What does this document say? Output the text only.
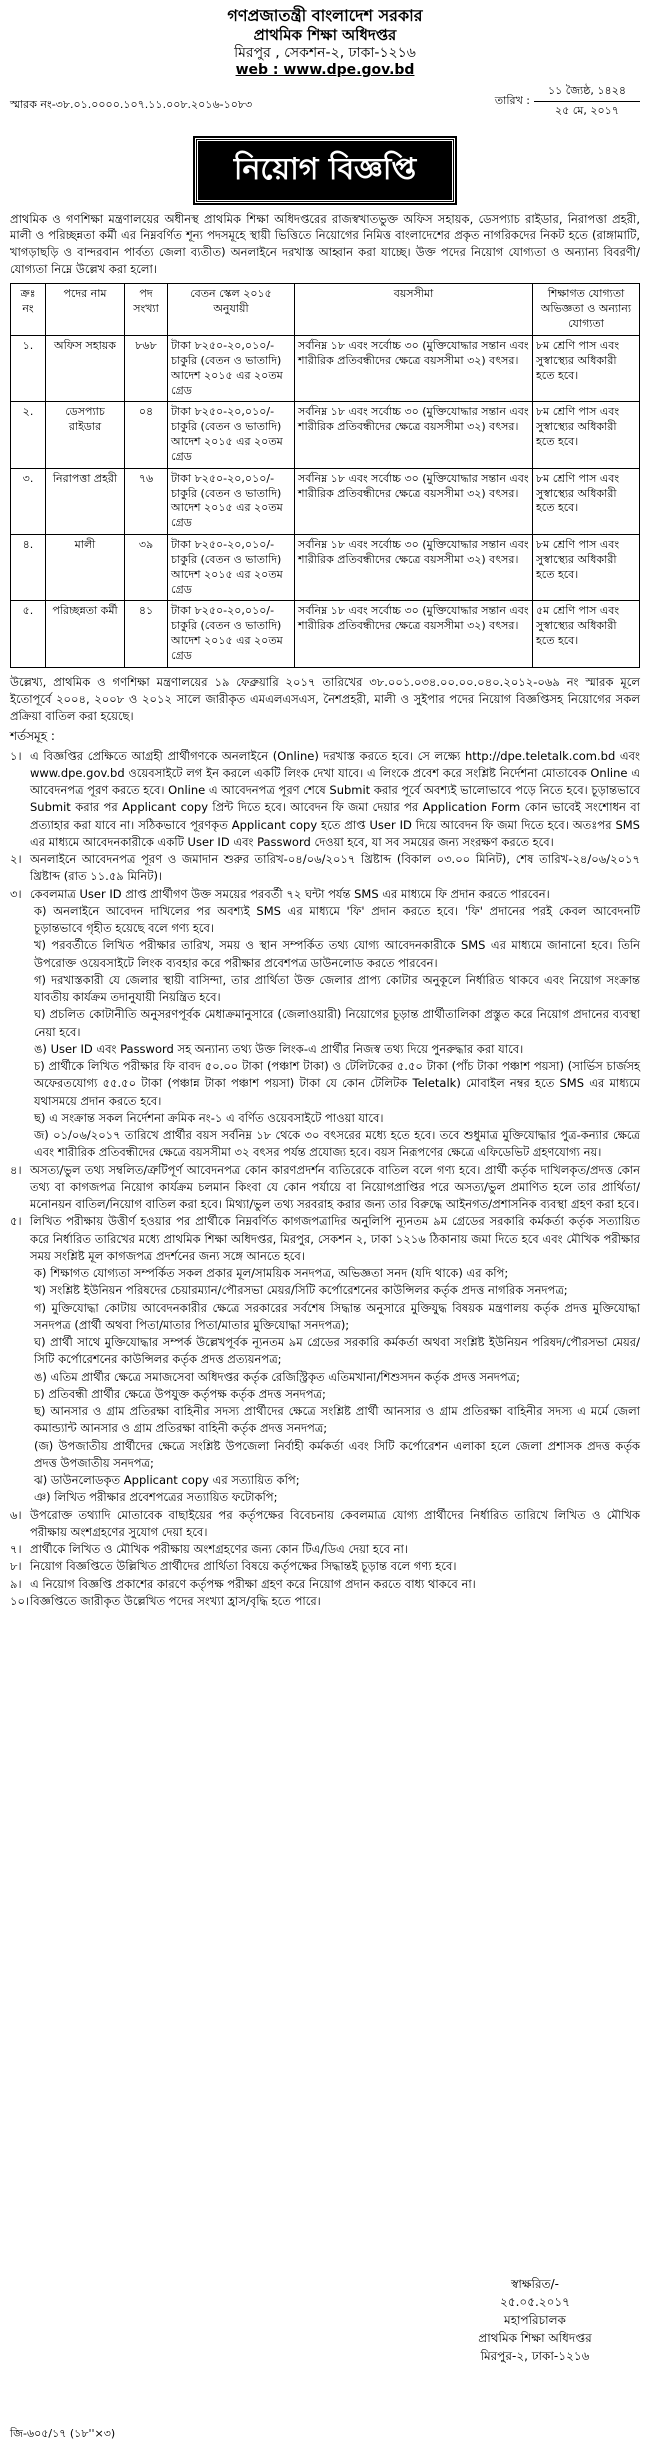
গণপ্রজাতন্ত্রী বাংলাদেশ সরকার
প্রাথমিক শিক্ষা অধিদপ্তর
মিরপুর , সেকশন-২, ঢাকা-১২১৬
web : www.dpe.gov.bd
স্মারক নং-৩৮.০১.০০০০.১০৭.১১.০০৮.২০১৬-১০৮৩	তারিখ :
১১ জ্যৈষ্ঠ, ১৪২৪
২৫ মে, ২০১৭
নিয়োগ বিজ্ঞপ্তি
প্রাথমিক ও গণশিক্ষা মন্ত্রণালয়ের অধীনস্থ প্রাথমিক শিক্ষা অধিদপ্তরের রাজস্বখাতভুক্ত অফিস সহায়ক, ডেসপ্যাচ রাইডার, নিরাপত্তা প্রহরী, মালী ও পরিচ্ছন্নতা কর্মী এর নিম্নবর্ণিত শূন্য পদসমূহে স্থায়ী ভিত্তিতে নিয়োগের নিমিত্ত বাংলাদেশের প্রকৃত নাগরিকদের নিকট হতে (রাঙ্গামাটি, খাগড়াছড়ি ও বান্দরবান পার্বত্য জেলা ব্যতীত) অনলাইনে দরখাস্ত আহ্বান করা যাচ্ছে। উক্ত পদের নিয়োগ যোগ্যতা ও অন্যান্য বিবরণী/যোগ্যতা নিম্নে উল্লেখ করা হলো।
ক্রঃ নং	পদের নাম	পদ সংখ্যা	বেতন স্কেল ২০১৫ অনুযায়ী	বয়সসীমা	শিক্ষাগত যোগ্যতা অভিজ্ঞতা ও অন্যান্য যোগ্যতা
১.	অফিস সহায়ক	৮৬৮	টাকা ৮২৫০-২০,০১০/- চাকুরি (বেতন ও ভাতাদি) আদেশ ২০১৫ এর ২০তম গ্রেড	সর্বনিম্ন ১৮ এবং সর্বোচ্চ ৩০ (মুক্তিযোদ্ধার সন্তান এবং শারীরিক প্রতিবন্ধীদের ক্ষেত্রে বয়সসীমা ৩২) বৎসর।	৮ম শ্রেণি পাস এবং সুস্বাস্থ্যের অধিকারী হতে হবে।
২.	ডেসপ্যাচ রাইডার	০৪	টাকা ৮২৫০-২০,০১০/- চাকুরি (বেতন ও ভাতাদি) আদেশ ২০১৫ এর ২০তম গ্রেড	সর্বনিম্ন ১৮ এবং সর্বোচ্চ ৩০ (মুক্তিযোদ্ধার সন্তান এবং শারীরিক প্রতিবন্ধীদের ক্ষেত্রে বয়সসীমা ৩২) বৎসর।	৮ম শ্রেণি পাস এবং সুস্বাস্থ্যের অধিকারী হতে হবে।
৩.	নিরাপত্তা প্রহরী	৭৬	টাকা ৮২৫০-২০,০১০/- চাকুরি (বেতন ও ভাতাদি) আদেশ ২০১৫ এর ২০তম গ্রেড	সর্বনিম্ন ১৮ এবং সর্বোচ্চ ৩০ (মুক্তিযোদ্ধার সন্তান এবং শারীরিক প্রতিবন্ধীদের ক্ষেত্রে বয়সসীমা ৩২) বৎসর।	৮ম শ্রেণি পাস এবং সুস্বাস্থ্যের অধিকারী হতে হবে।
৪.	মালী	৩৯	টাকা ৮২৫০-২০,০১০/- চাকুরি (বেতন ও ভাতাদি) আদেশ ২০১৫ এর ২০তম গ্রেড	সর্বনিম্ন ১৮ এবং সর্বোচ্চ ৩০ (মুক্তিযোদ্ধার সন্তান এবং শারীরিক প্রতিবন্ধীদের ক্ষেত্রে বয়সসীমা ৩২) বৎসর।	৮ম শ্রেণি পাস এবং সুস্বাস্থ্যের অধিকারী হতে হবে।
৫.	পরিচ্ছন্নতা কর্মী	৪১	টাকা ৮২৫০-২০,০১০/- চাকুরি (বেতন ও ভাতাদি) আদেশ ২০১৫ এর ২০তম গ্রেড	সর্বনিম্ন ১৮ এবং সর্বোচ্চ ৩০ (মুক্তিযোদ্ধার সন্তান এবং শারীরিক প্রতিবন্ধীদের ক্ষেত্রে বয়সসীমা ৩২) বৎসর।	৫ম শ্রেণি পাস এবং সুস্বাস্থ্যের অধিকারী হতে হবে।
উল্লেখ্য, প্রাথমিক ও গণশিক্ষা মন্ত্রণালয়ের ১৯ ফেব্রুয়ারি ২০১৭ তারিখের ৩৮.০০১.০৩৪.০০.০০.০৪০.২০১২-০৬৯ নং স্মারক মূলে ইতোপূর্বে ২০০৪, ২০০৮ ও ২০১২ সালে জারীকৃত এমএলএসএস, নৈশপ্রহরী, মালী ও সুইপার পদের নিয়োগ বিজ্ঞপ্তিসহ নিয়োগের সকল প্রক্রিয়া বাতিল করা হয়েছে।
শর্তসমূহ :
১। এ বিজ্ঞপ্তির প্রেক্ষিতে আগ্রহী প্রার্থীগণকে অনলাইনে (Online) দরখাস্ত করতে হবে। সে লক্ষ্যে http://dpe.teletalk.com.bd এবং www.dpe.gov.bd ওয়েবসাইটে লগ ইন করলে একটি লিংক দেখা যাবে। এ লিংকে প্রবেশ করে সংশ্লিষ্ট নির্দেশনা মোতাবেক Online এ আবেদনপত্র পূরণ করতে হবে। Online এ আবেদনপত্র পূরণ শেষে Submit করার পূর্বে অবশ্যই ভালোভাবে পড়ে নিতে হবে। চূড়ান্তভাবে Submit করার পর Applicant copy প্রিন্ট দিতে হবে। আবেদন ফি জমা দেয়ার পর Application Form কোন ভাবেই সংশোধন বা প্রত্যাহার করা যাবে না। সঠিকভাবে পূরণকৃত Applicant copy হতে প্রাপ্ত User ID দিয়ে আবেদন ফি জমা দিতে হবে। অতঃপর SMS এর মাধ্যমে আবেদনকারীকে একটি User ID এবং Password দেওয়া হবে, যা সব সময়ের জন্য সংরক্ষণ করতে হবে।
২। অনলাইনে আবেদনপত্র পূরণ ও জমাদান শুরুর তারিখ-০৪/০৬/২০১৭ খ্রিষ্টাব্দ (বিকাল ০৩.০০ মিনিট), শেষ তারিখ-২৪/০৬/২০১৭ খ্রিষ্টাব্দ (রাত ১১.৫৯ মিনিট)।
৩। কেবলমাত্র User ID প্রাপ্ত প্রার্থীগণ উক্ত সময়ের পরবর্তী ৭২ ঘন্টা পর্যন্ত SMS এর মাধ্যমে ফি প্রদান করতে পারবেন।
ক) অনলাইনে আবেদন দাখিলের পর অবশ্যই SMS এর মাধ্যমে 'ফি' প্রদান করতে হবে। 'ফি' প্রদানের পরই কেবল আবেদনটি চূড়ান্তভাবে গৃহীত হয়েছে বলে গণ্য হবে।
খ) পরবর্তীতে লিখিত পরীক্ষার তারিখ, সময় ও স্থান সম্পর্কিত তথ্য যোগ্য আবেদনকারীকে SMS এর মাধ্যমে জানানো হবে। তিনি উপরোক্ত ওয়েবসাইটে লিংক ব্যবহার করে পরীক্ষার প্রবেশপত্র ডাউনলোড করতে পারবেন।
গ) দরখাস্তকারী যে জেলার স্থায়ী বাসিন্দা, তার প্রার্থিতা উক্ত জেলার প্রাপ্য কোটার অনুকূলে নির্ধারিত থাকবে এবং নিয়োগ সংক্রান্ত যাবতীয় কার্যক্রম তদানুযায়ী নিয়ন্ত্রিত হবে।
ঘ) প্রচলিত কোটানীতি অনুসরণপূর্বক মেধাক্রমানুসারে (জেলাওয়ারী) নিয়োগের চূড়ান্ত প্রার্থীতালিকা প্রস্তুত করে নিয়োগ প্রদানের ব্যবস্থা নেয়া হবে।
ঙ) User ID এবং Password সহ অন্যান্য তথ্য উক্ত লিংক-এ প্রার্থীর নিজস্ব তথ্য দিয়ে পুনরুদ্ধার করা যাবে।
চ) প্রার্থীকে লিখিত পরীক্ষার ফি বাবদ ৫০.০০ টাকা (পঞ্চাশ টাকা) ও টেলিটকের ৫.৫০ টাকা (পাঁচ টাকা পঞ্চাশ পয়সা) (সার্ভিস চার্জসহ অফেরতযোগ্য ৫৫.৫০ টাকা (পঞ্চান্ন টাকা পঞ্চাশ পয়সা) টাকা যে কোন টেলিটক Teletalk) মোবাইল নম্বর হতে SMS এর মাধ্যমে যথাসময়ে প্রদান করতে হবে।
ছ) এ সংক্রান্ত সকল নির্দেশনা ক্রমিক নং-১ এ বর্ণিত ওয়েবসাইটে পাওয়া যাবে।
জ) ০১/০৬/২০১৭ তারিখে প্রার্থীর বয়স সর্বনিম্ন ১৮ থেকে ৩০ বৎসরের মধ্যে হতে হবে। তবে শুধুমাত্র মুক্তিযোদ্ধার পুত্র-কন্যার ক্ষেত্রে এবং শারীরিক প্রতিবন্ধীদের ক্ষেত্রে বয়সসীমা ৩২ বৎসর পর্যন্ত প্রযোজ্য হবে। বয়স নিরূপণের ক্ষেত্রে এফিডেভিট গ্রহণযোগ্য নয়।
৪। অসত্য/ভুল তথ্য সম্বলিত/ত্রুটিপূর্ণ আবেদনপত্র কোন কারণপ্রদর্শন ব্যতিরেকে বাতিল বলে গণ্য হবে। প্রার্থী কর্তৃক দাখিলকৃত/প্রদত্ত কোন তথ্য বা কাগজপত্র নিয়োগ কার্যক্রম চলমান কিংবা যে কোন পর্যায়ে বা নিয়োগপ্রাপ্তির পরে অসত্য/ভুল প্রমাণিত হলে তার প্রার্থিতা/মনোনয়ন বাতিল/নিয়োগ বাতিল করা হবে। মিথ্যা/ভুল তথ্য সরবরাহ করার জন্য তার বিরুদ্ধে আইনগত/প্রশাসনিক ব্যবস্থা গ্রহণ করা হবে।
৫। লিখিত পরীক্ষায় উত্তীর্ণ হওয়ার পর প্রার্থীকে নিম্নবর্ণিত কাগজপত্রাদির অনুলিপি ন্যূনতম ৯ম গ্রেডের সরকারি কর্মকর্তা কর্তৃক সত্যায়িত করে নির্ধারিত তারিখের মধ্যে প্রাথমিক শিক্ষা অধিদপ্তর, মিরপুর, সেকশন ২, ঢাকা ১২১৬ ঠিকানায় জমা দিতে হবে এবং মৌখিক পরীক্ষার সময় সংশ্লিষ্ট মূল কাগজপত্র প্রদর্শনের জন্য সঙ্গে আনতে হবে।
ক) শিক্ষাগত যোগ্যতা সম্পর্কিত সকল প্রকার মূল/সাময়িক সনদপত্র, অভিজ্ঞতা সনদ (যদি থাকে) এর কপি;
খ) সংশ্লিষ্ট ইউনিয়ন পরিষদের চেয়ারম্যান/পৌরসভা মেয়র/সিটি কর্পোরেশনের কাউন্সিলর কর্তৃক প্রদত্ত নাগরিক সনদপত্র;
গ) মুক্তিযোদ্ধা কোটায় আবেদনকারীর ক্ষেত্রে সরকারের সর্বশেষ সিদ্ধান্ত অনুসারে মুক্তিযুদ্ধ বিষয়ক মন্ত্রণালয় কর্তৃক প্রদত্ত মুক্তিযোদ্ধা সনদপত্র (প্রার্থী অথবা পিতা/মাতার পিতা/মাতার মুক্তিযোদ্ধা সনদপত্র);
ঘ) প্রার্থী সাথে মুক্তিযোদ্ধার সম্পর্ক উল্লেখপূর্বক ন্যূনতম ৯ম গ্রেডের সরকারি কর্মকর্তা অথবা সংশ্লিষ্ট ইউনিয়ন পরিষদ/পৌরসভা মেয়র/সিটি কর্পোরেশনের কাউন্সিলর কর্তৃক প্রদত্ত প্রত্যয়নপত্র;
ঙ) এতিম প্রার্থীর ক্ষেত্রে সমাজসেবা অধিদপ্তর কর্তৃক রেজিস্ট্রিকৃত এতিমখানা/শিশুসদন কর্তৃক প্রদত্ত সনদপত্র;
চ) প্রতিবন্ধী প্রার্থীর ক্ষেত্রে উপযুক্ত কর্তৃপক্ষ কর্তৃক প্রদত্ত সনদপত্র;
ছ) আনসার ও গ্রাম প্রতিরক্ষা বাহিনীর সদস্য প্রার্থীদের ক্ষেত্রে সংশ্লিষ্ট প্রার্থী আনসার ও গ্রাম প্রতিরক্ষা বাহিনীর সদস্য এ মর্মে জেলা কমান্ড্যান্ট আনসার ও গ্রাম প্রতিরক্ষা বাহিনী কর্তৃক প্রদত্ত সনদপত্র;
(জ) উপজাতীয় প্রার্থীদের ক্ষেত্রে সংশ্লিষ্ট উপজেলা নির্বাহী কর্মকর্তা এবং সিটি কর্পোরেশন এলাকা হলে জেলা প্রশাসক প্রদত্ত কর্তৃক প্রদত্ত উপজাতীয় সনদপত্র;
ঝ) ডাউনলোডকৃত Applicant copy এর সত্যায়িত কপি;
ঞ) লিখিত পরীক্ষার প্রবেশপত্রের সত্যায়িত ফটোকপি;
৬। উপরোক্ত তথ্যাদি মোতাবেক বাছাইয়ের পর কর্তৃপক্ষের বিবেচনায় কেবলমাত্র যোগ্য প্রার্থীদের নির্ধারিত তারিখে লিখিত ও মৌখিক পরীক্ষায় অংশগ্রহণের সুযোগ দেয়া হবে।
৭। প্রার্থীকে লিখিত ও মৌখিক পরীক্ষায় অংশগ্রহণের জন্য কোন টিএ/ডিএ দেয়া হবে না।
৮। নিয়োগ বিজ্ঞপ্তিতে উল্লিখিত প্রার্থীদের প্রার্থিতা বিষয়ে কর্তৃপক্ষের সিদ্ধান্তই চূড়ান্ত বলে গণ্য হবে।
৯। এ নিয়োগ বিজ্ঞপ্তি প্রকাশের কারণে কর্তৃপক্ষ পরীক্ষা গ্রহণ করে নিয়োগ প্রদান করতে বাধ্য থাকবে না।
১০। বিজ্ঞপ্তিতে জারীকৃত উল্লেখিত পদের সংখ্যা হ্রাস/বৃদ্ধি হতে পারে।
স্বাক্ষরিত/-
২৫.০৫.২০১৭
মহাপরিচালক
প্রাথমিক শিক্ষা অধিদপ্তর
মিরপুর-২, ঢাকা-১২১৬
জি-৬০৫/১৭ (১৮''×৩)
